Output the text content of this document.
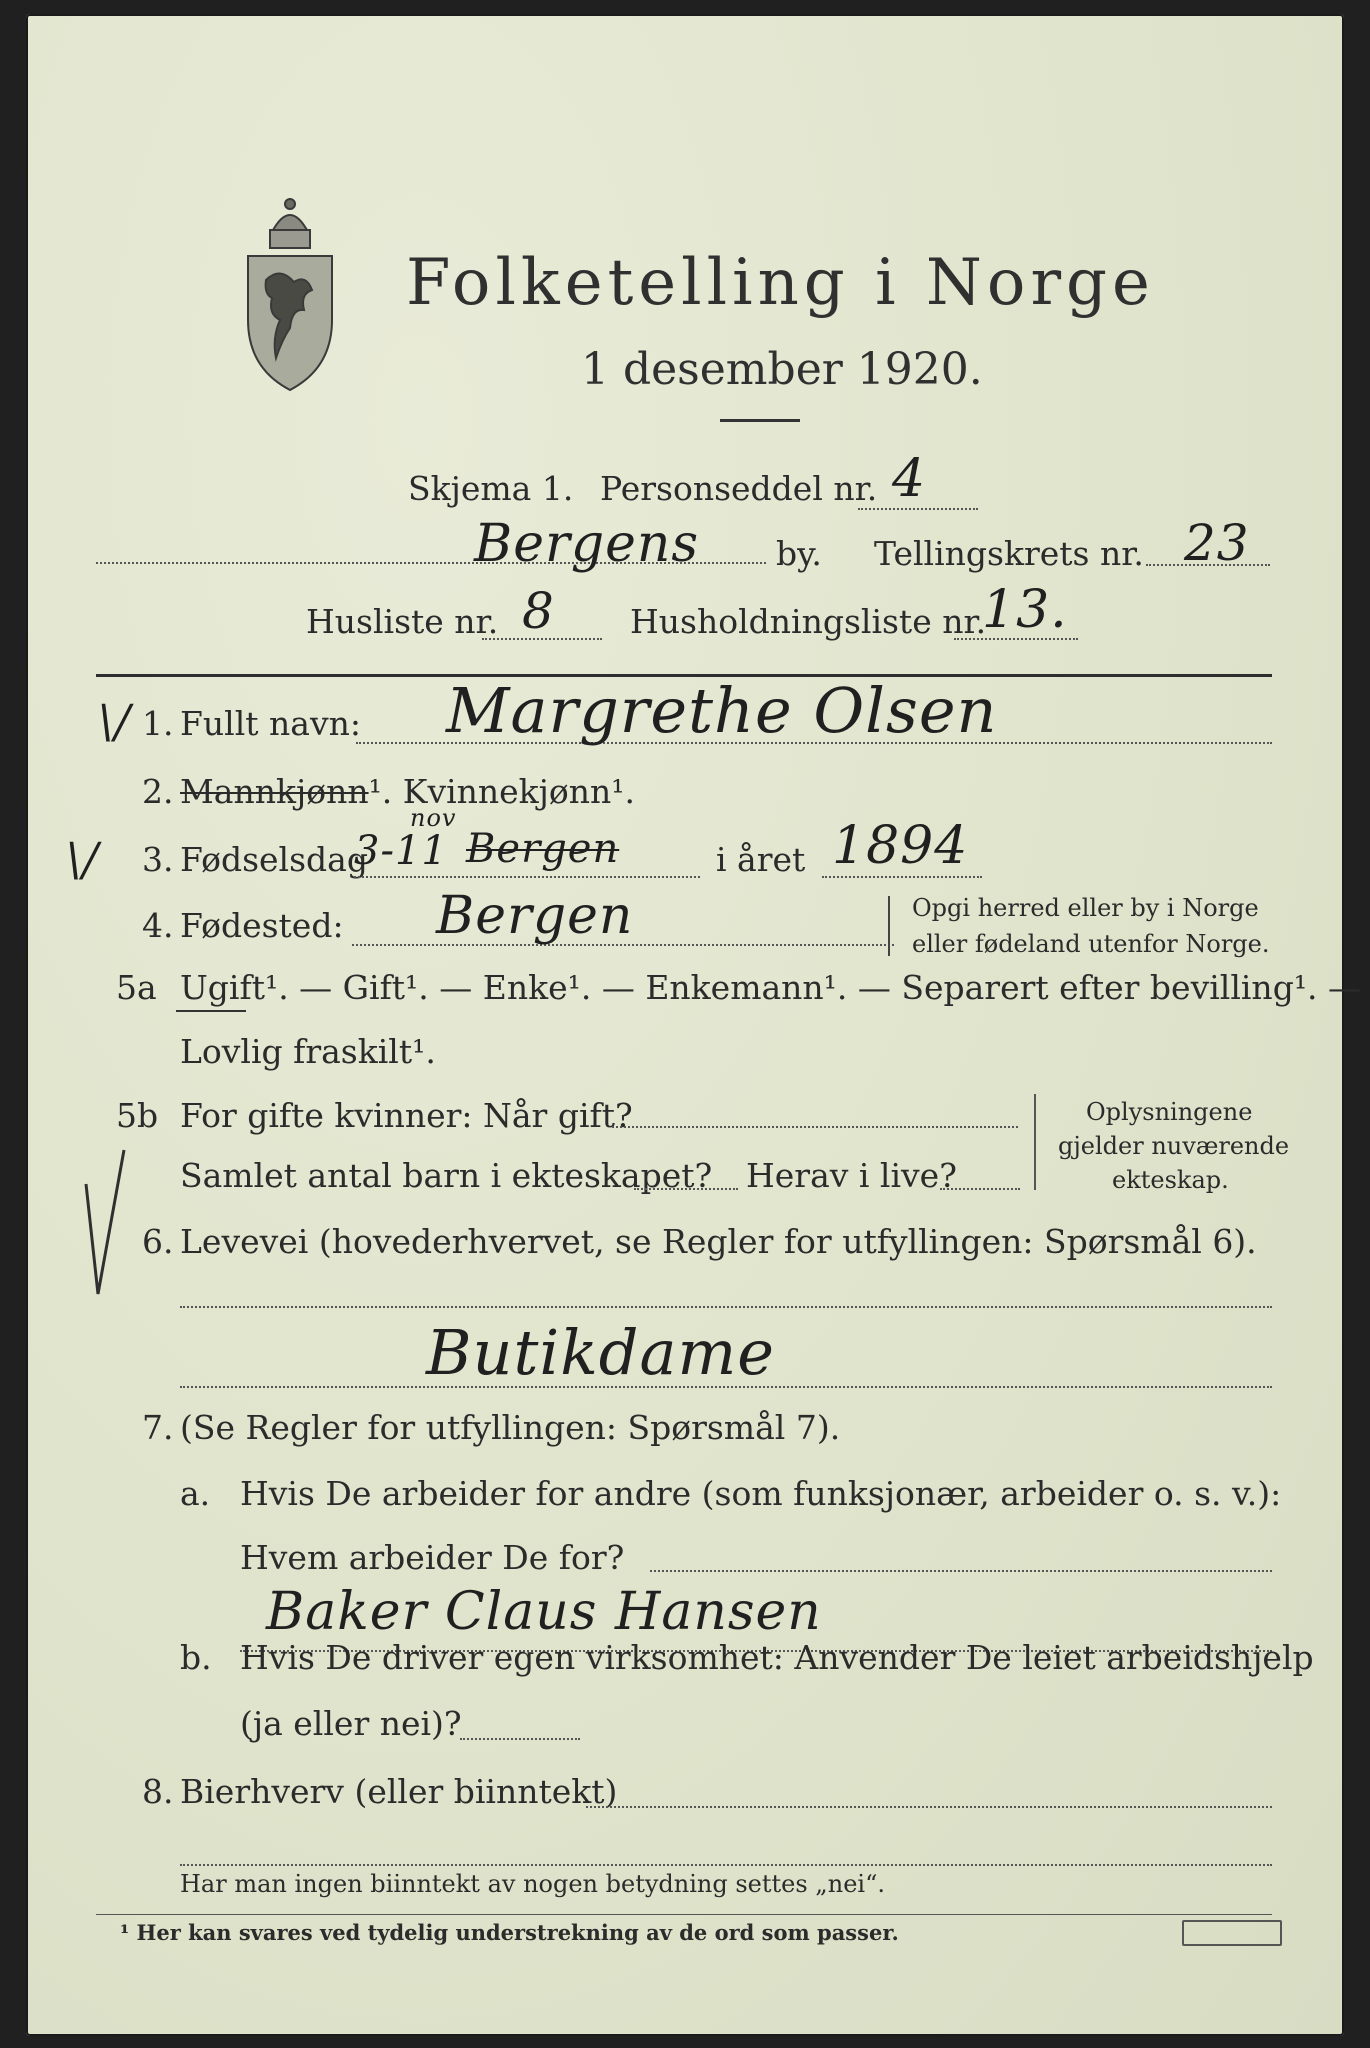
Folketelling i Norge
1 desember 1920.
Skjema 1. Personseddel nr. 4
Bergens by. Tellingskrets nr. 23
Husliste nr. 8 Husholdningsliste nr.
13.
\/
\/
1. Fullt navn: Margrethe Olsen
2. Mannkjønn¹. Kvinnekjønn¹.
3. Fødselsdag
nov
3-11 Bergen	i året 1894
4. Fødested: Bergen	Opgi herred eller by i Norge
eller fødeland utenfor Norge.
5a Ugift¹. — Gift¹. — Enke¹. — Enkemann¹. — Separert efter bevilling¹. —
Lovlig fraskilt¹.
5b For gifte kvinner: Når gift?
Samlet antal barn i ekteskapet? Herav i live?
Oplysningene
gjelder nuværende
ekteskap.
6. Levevei (hovederhvervet, se Regler for utfyllingen: Spørsmål 6).
Butikdame
7. (Se Regler for utfyllingen: Spørsmål 7).
a. Hvis De arbeider for andre (som funksjonær, arbeider o. s. v.):
Hvem arbeider De for?
Baker Claus Hansen
b. Hvis De driver egen virksomhet: Anvender De leiet arbeidshjelp
(ja eller nei)?
8. Bierhverv (eller biinntekt)
Har man ingen biinntekt av nogen betydning settes „nei“.
¹ Her kan svares ved tydelig understrekning av de ord som passer.
